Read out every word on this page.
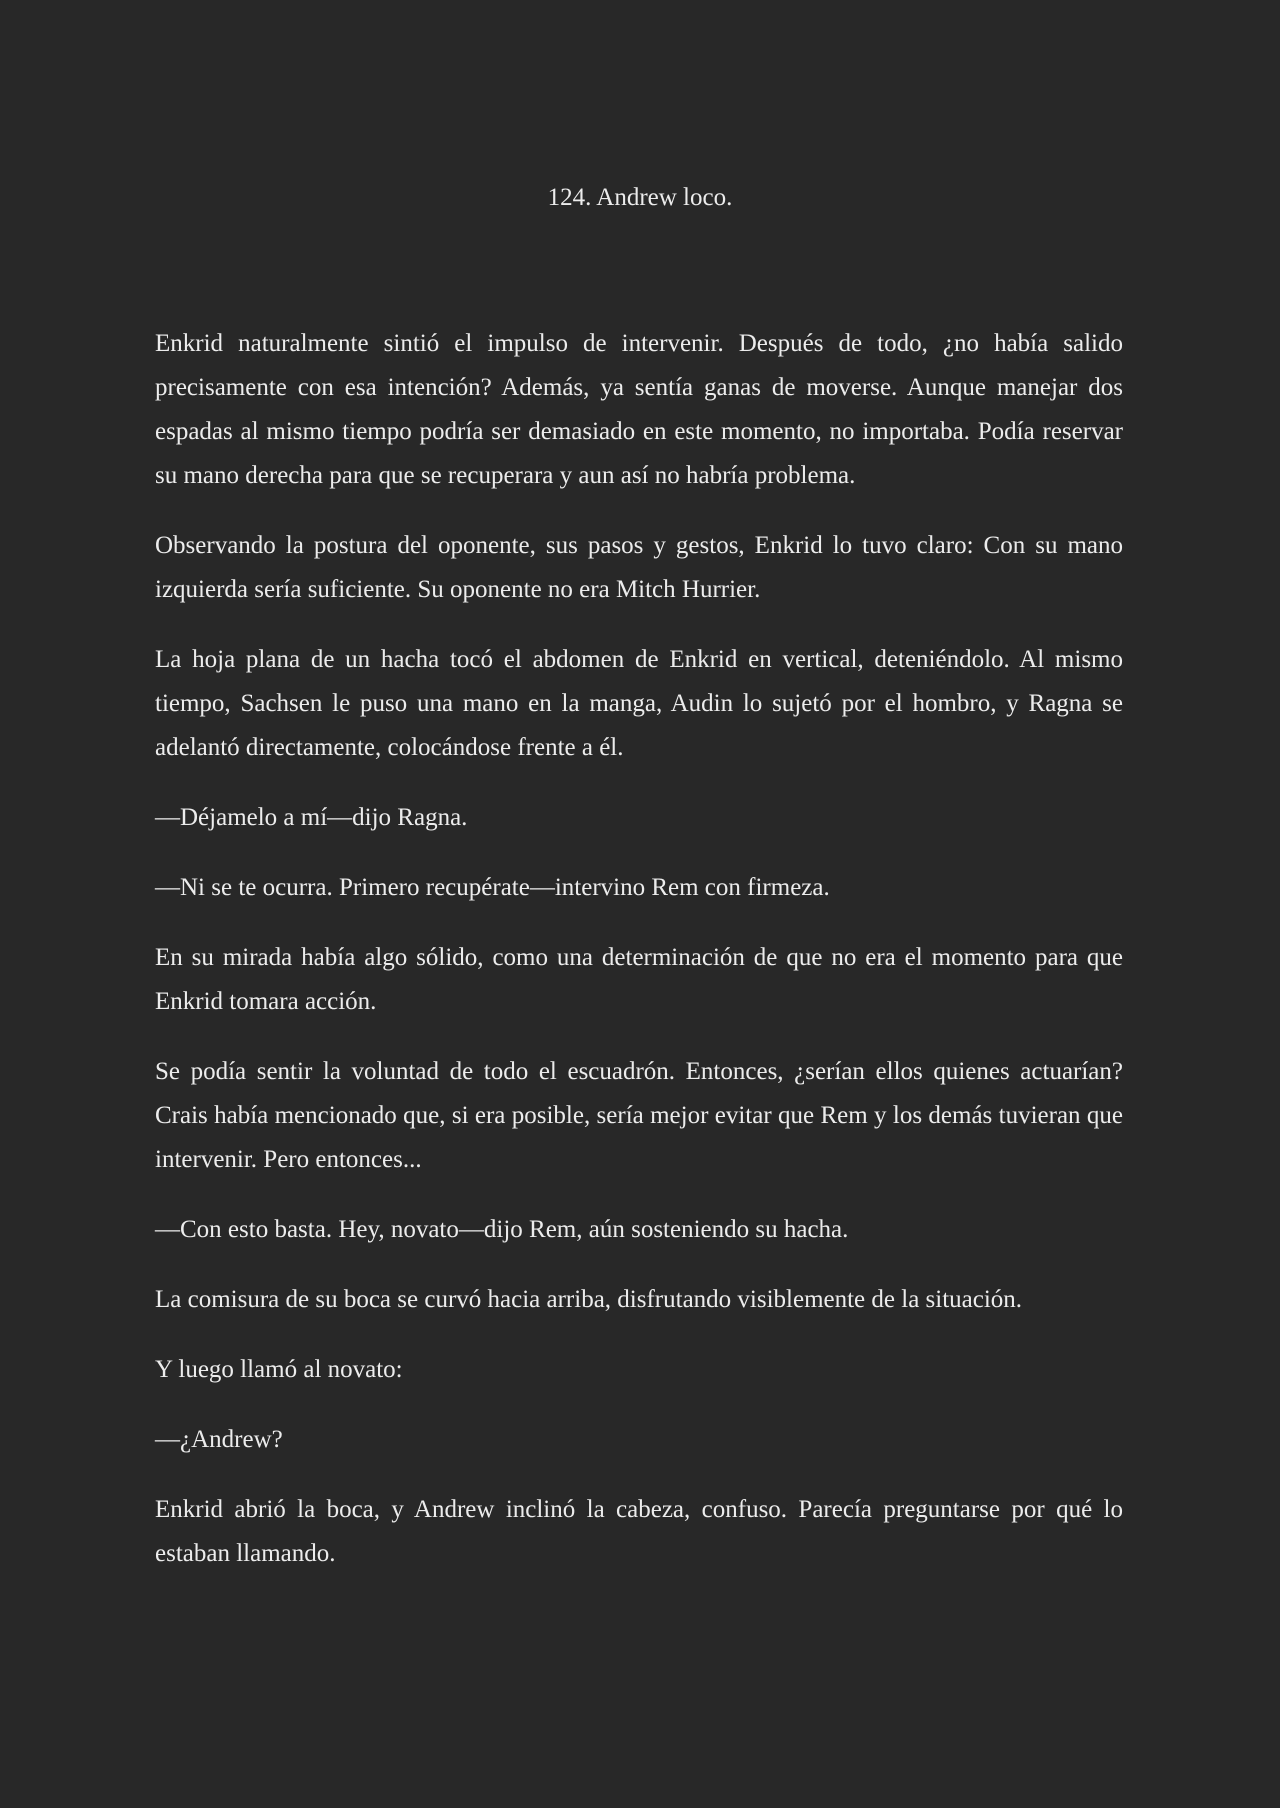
124. Andrew loco.

Enkrid naturalmente sintió el impulso de intervenir. Después de todo, ¿no había salido precisamente con esa intención? Además, ya sentía ganas de moverse. Aunque manejar dos espadas al mismo tiempo podría ser demasiado en este momento, no importaba. Podía reservar su mano derecha para que se recuperara y aun así no habría problema.

Observando la postura del oponente, sus pasos y gestos, Enkrid lo tuvo claro: Con su mano izquierda sería suficiente. Su oponente no era Mitch Hurrier.

La hoja plana de un hacha tocó el abdomen de Enkrid en vertical, deteniéndolo. Al mismo tiempo, Sachsen le puso una mano en la manga, Audin lo sujetó por el hombro, y Ragna se adelantó directamente, colocándose frente a él.

—Déjamelo a mí—dijo Ragna.

—Ni se te ocurra. Primero recupérate—intervino Rem con firmeza.

En su mirada había algo sólido, como una determinación de que no era el momento para que Enkrid tomara acción.

Se podía sentir la voluntad de todo el escuadrón. Entonces, ¿serían ellos quienes actuarían? Crais había mencionado que, si era posible, sería mejor evitar que Rem y los demás tuvieran que intervenir. Pero entonces...

—Con esto basta. Hey, novato—dijo Rem, aún sosteniendo su hacha.

La comisura de su boca se curvó hacia arriba, disfrutando visiblemente de la situación.

Y luego llamó al novato:

—¿Andrew?

Enkrid abrió la boca, y Andrew inclinó la cabeza, confuso. Parecía preguntarse por qué lo estaban llamando.
